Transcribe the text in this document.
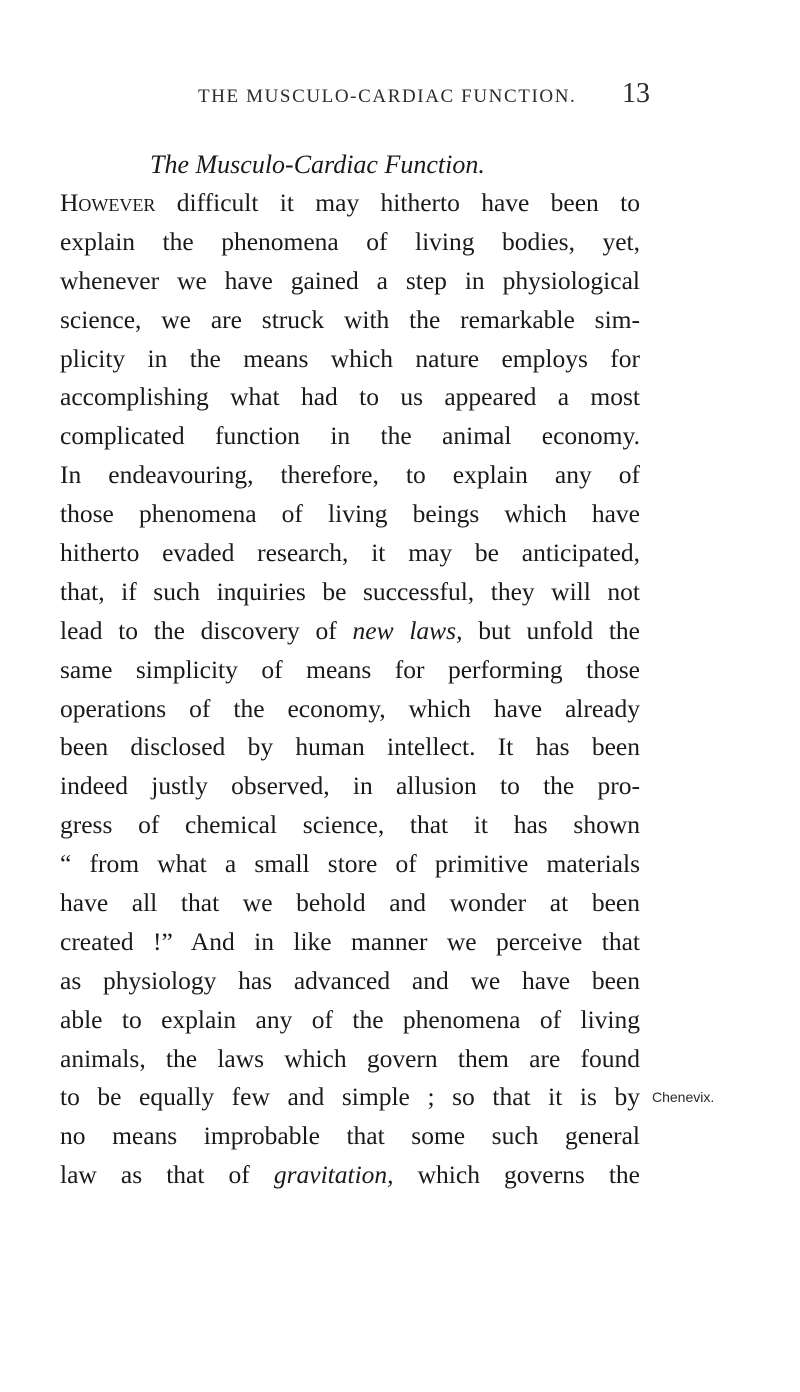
THE MUSCULO-CARDIAC FUNCTION. 13
The Musculo-Cardiac Function.
However difficult it may hitherto have been to
explain the phenomena of living bodies, yet,
whenever we have gained a step in physiological
science, we are struck with the remarkable sim-
plicity in the means which nature employs for
accomplishing what had to us appeared a most
complicated function in the animal economy.
In endeavouring, therefore, to explain any of
those phenomena of living beings which have
hitherto evaded research, it may be anticipated,
that, if such inquiries be successful, they will not
lead to the discovery of new laws, but unfold the
same simplicity of means for performing those
operations of the economy, which have already
been disclosed by human intellect. It has been
indeed justly observed, in allusion to the pro-
gress of chemical science, that it has shown
“ from what a small store of primitive materials
have all that we behold and wonder at been
created !” And in like manner we perceive that
as physiology has advanced and we have been
able to explain any of the phenomena of living
animals, the laws which govern them are found
to be equally few and simple ; so that it is by
no means improbable that some such general
law as that of gravitation, which governs the
Chenevix.
